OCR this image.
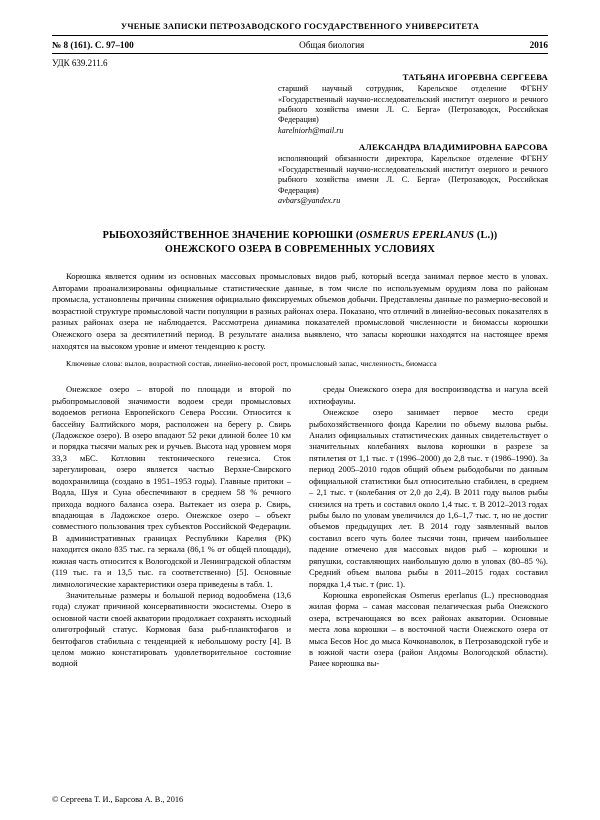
УЧЕНЫЕ ЗАПИСКИ ПЕТРОЗАВОДСКОГО ГОСУДАРСТВЕННОГО УНИВЕРСИТЕТА
№ 8 (161). С. 97–100	Общая биология	2016
УДК 639.211.6
ТАТЬЯНА ИГОРЕВНА СЕРГЕЕВА
старший научный сотрудник, Карельское отделение ФГБНУ «Государственный научно-исследовательский институт озерного и речного рыбного хозяйства имени Л. С. Берга» (Петрозаводск, Российская Федерация)
karelniorh@mail.ru
АЛЕКСАНДРА ВЛАДИМИРОВНА БАРСОВА
исполняющий обязанности директора, Карельское отделение ФГБНУ «Государственный научно-исследовательский институт озерного и речного рыбного хозяйства имени Л. С. Берга» (Петрозаводск, Российская Федерация)
avbars@yandex.ru
РЫБОХОЗЯЙСТВЕННОЕ ЗНАЧЕНИЕ КОРЮШКИ (OSMERUS EPERLANUS (L.))
ОНЕЖСКОГО ОЗЕРА В СОВРЕМЕННЫХ УСЛОВИЯХ
Корюшка является одним из основных массовых промысловых видов рыб, который всегда занимал первое место в уловах. Авторами проанализированы официальные статистические данные, в том числе по используемым орудиям лова по районам промысла, установлены причины снижения официально фиксируемых объемов добычи. Представлены данные по размерно-весовой и возрастной структуре промысловой части популяции в разных районах озера. Показано, что отличий в линейно-весовых показателях в разных районах озера не наблюдается. Рассмотрена динамика показателей промысловой численности и биомассы корюшки Онежского озера за десятилетний период. В результате анализа выявлено, что запасы корюшки находятся на настоящее время находятся на высоком уровне и имеют тенденцию к росту.
Ключевые слова: вылов, возрастной состав, линейно-весовой рост, промысловый запас, численность, биомасса

Онежское озеро – второй по площади и второй по рыбопромысловой значимости водоем среди промысловых водоемов региона Европейского Севера России. Относится к бассейну Балтийского моря, расположен на берегу р. Свирь (Ладожское озеро). В озеро впадают 52 реки длиной более 10 км и порядка тысячи малых рек и ручьев. Высота над уровнем моря 33,3 мБС. Котловин тектонического генезиса. Сток зарегулирован, озеро является частью Верхне-Свирского водохранилища (создано в 1951–1953 годы). Главные притоки – Водла, Шуя и Суна обеспечивают в среднем 58 % речного прихода водного баланса озера. Вытекает из озера р. Свирь, впадающая в Ладожское озеро. Онежское озеро – объект совместного пользования трех субъектов Российской Федерации. В административных границах Республики Карелия (РК) находится около 835 тыс. га зеркала (86,1 % от общей площади), южная часть относится к Вологодской и Ленинградской областям (119 тыс. га и 13,5 тыс. га соответственно) [5]. Основные лимнологические характеристики озера приведены в табл. 1.

Значительные размеры и большой период водообмена (13,6 года) служат причиной консервативности экосистемы. Озеро в основной части своей акватории продолжает сохранять исходный олиготрофный статус. Кормовая база рыб-планктофагов и бентофагов стабильна с тенденцией к небольшому росту [4]. В целом можно констатировать удовлетворительное состояние водной

среды Онежского озера для воспроизводства и нагула всей ихтиофауны.

Онежское озеро занимает первое место среди рыбохозяйственного фонда Карелии по объему вылова рыбы. Анализ официальных статистических данных свидетельствует о значительных колебаниях вылова корюшки в разрезе за пятилетия от 1,1 тыс. т (1996–2000) до 2,8 тыс. т (1986–1990). За период 2005–2010 годов общий объем рыбодобычи по данным официальной статистики был относительно стабилен, в среднем – 2,1 тыс. т (колебания от 2,0 до 2,4). В 2011 году вылов рыбы снизился на треть и составил около 1,4 тыс. т. В 2012–2013 годах рыбы было по уловам увеличился до 1,6–1,7 тыс. т, но не достиг объемов предыдущих лет. В 2014 году заявленный вылов составил всего чуть более тысячи тонн, причем наибольшее падение отмечено для массовых видов рыб – корюшки и ряпушки, составляющих наибольшую долю в уловах (80–85 %). Средний объем вылова рыбы в 2011–2015 годах составил порядка 1,4 тыс. т (рис. 1).

Корюшка европейская Osmerus eperlanus (L.) пресноводная жилая форма – самая массовая пелагическая рыба Онежского озера, встречающаяся во всех районах акватории. Основные места лова корюшки – в восточной части Онежского озера от мыса Бесов Нос до мыса Кочконаволок, в Петрозаводской губе и в южной части озера (район Андомы Вологодской области). Ранее корюшка вы-

© Сергеева Т. И., Барсова А. В., 2016
